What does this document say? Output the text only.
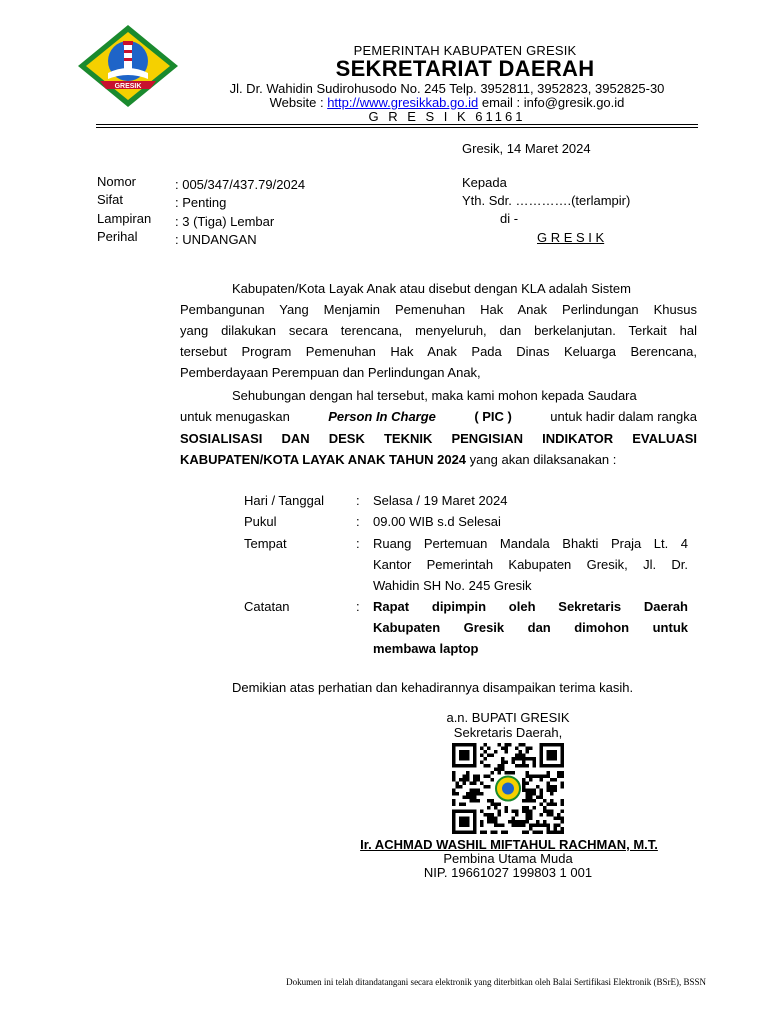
GRESIK
PEMERINTAH KABUPATEN GRESIK
SEKRETARIAT DAERAH
Jl. Dr. Wahidin Sudirohusodo No. 245 Telp. 3952811, 3952823, 3952825-30
Website : http://www.gresikkab.go.id email : info@gresik.go.id
G R E S I K 61161
Gresik, 14 Maret 2024
Nomor	: 005/347/437.79/2024
Sifat	: Penting
Lampiran : 3 (Tiga) Lembar
Perihal	: UNDANGAN
Kepada
Yth. Sdr. ………….(terlampir)
di -
G R E S I K
Kabupaten/Kota Layak Anak atau disebut dengan KLA adalah Sistem
Pembangunan Yang Menjamin Pemenuhan Hak Anak Perlindungan Khusus
yang dilakukan secara terencana, menyeluruh, dan berkelanjutan. Terkait hal
tersebut Program Pemenuhan Hak Anak Pada Dinas Keluarga Berencana,
Pemberdayaan Perempuan dan Perlindungan Anak,
Sehubungan dengan hal tersebut, maka kami mohon kepada Saudara
untuk menugaskan	Person In Charge	( PIC )	untuk hadir dalam rangka
SOSIALISASI DAN DESK TEKNIK PENGISIAN INDIKATOR EVALUASI
KABUPATEN/KOTA LAYAK ANAK TAHUN 2024 yang akan dilaksanakan :
Hari / Tanggal : Selasa / 19 Maret 2024
Pukul	: 09.00 WIB s.d Selesai
Tempat	: Ruang Pertemuan Mandala Bhakti Praja Lt. 4
Kantor Pemerintah Kabupaten Gresik, Jl. Dr.
Wahidin SH No. 245 Gresik
Catatan	: Rapat dipimpin oleh Sekretaris Daerah
Kabupaten Gresik dan dimohon untuk
membawa laptop
Demikian atas perhatian dan kehadirannya disampaikan terima kasih.
a.n. BUPATI GRESIK
Sekretaris Daerah,
Ir. ACHMAD WASHIL MIFTAHUL RACHMAN, M.T.
Pembina Utama Muda
NIP. 19661027 199803 1 001
Dokumen ini telah ditandatangani secara elektronik yang diterbitkan oleh Balai Sertifikasi Elektronik (BSrE), BSSN
